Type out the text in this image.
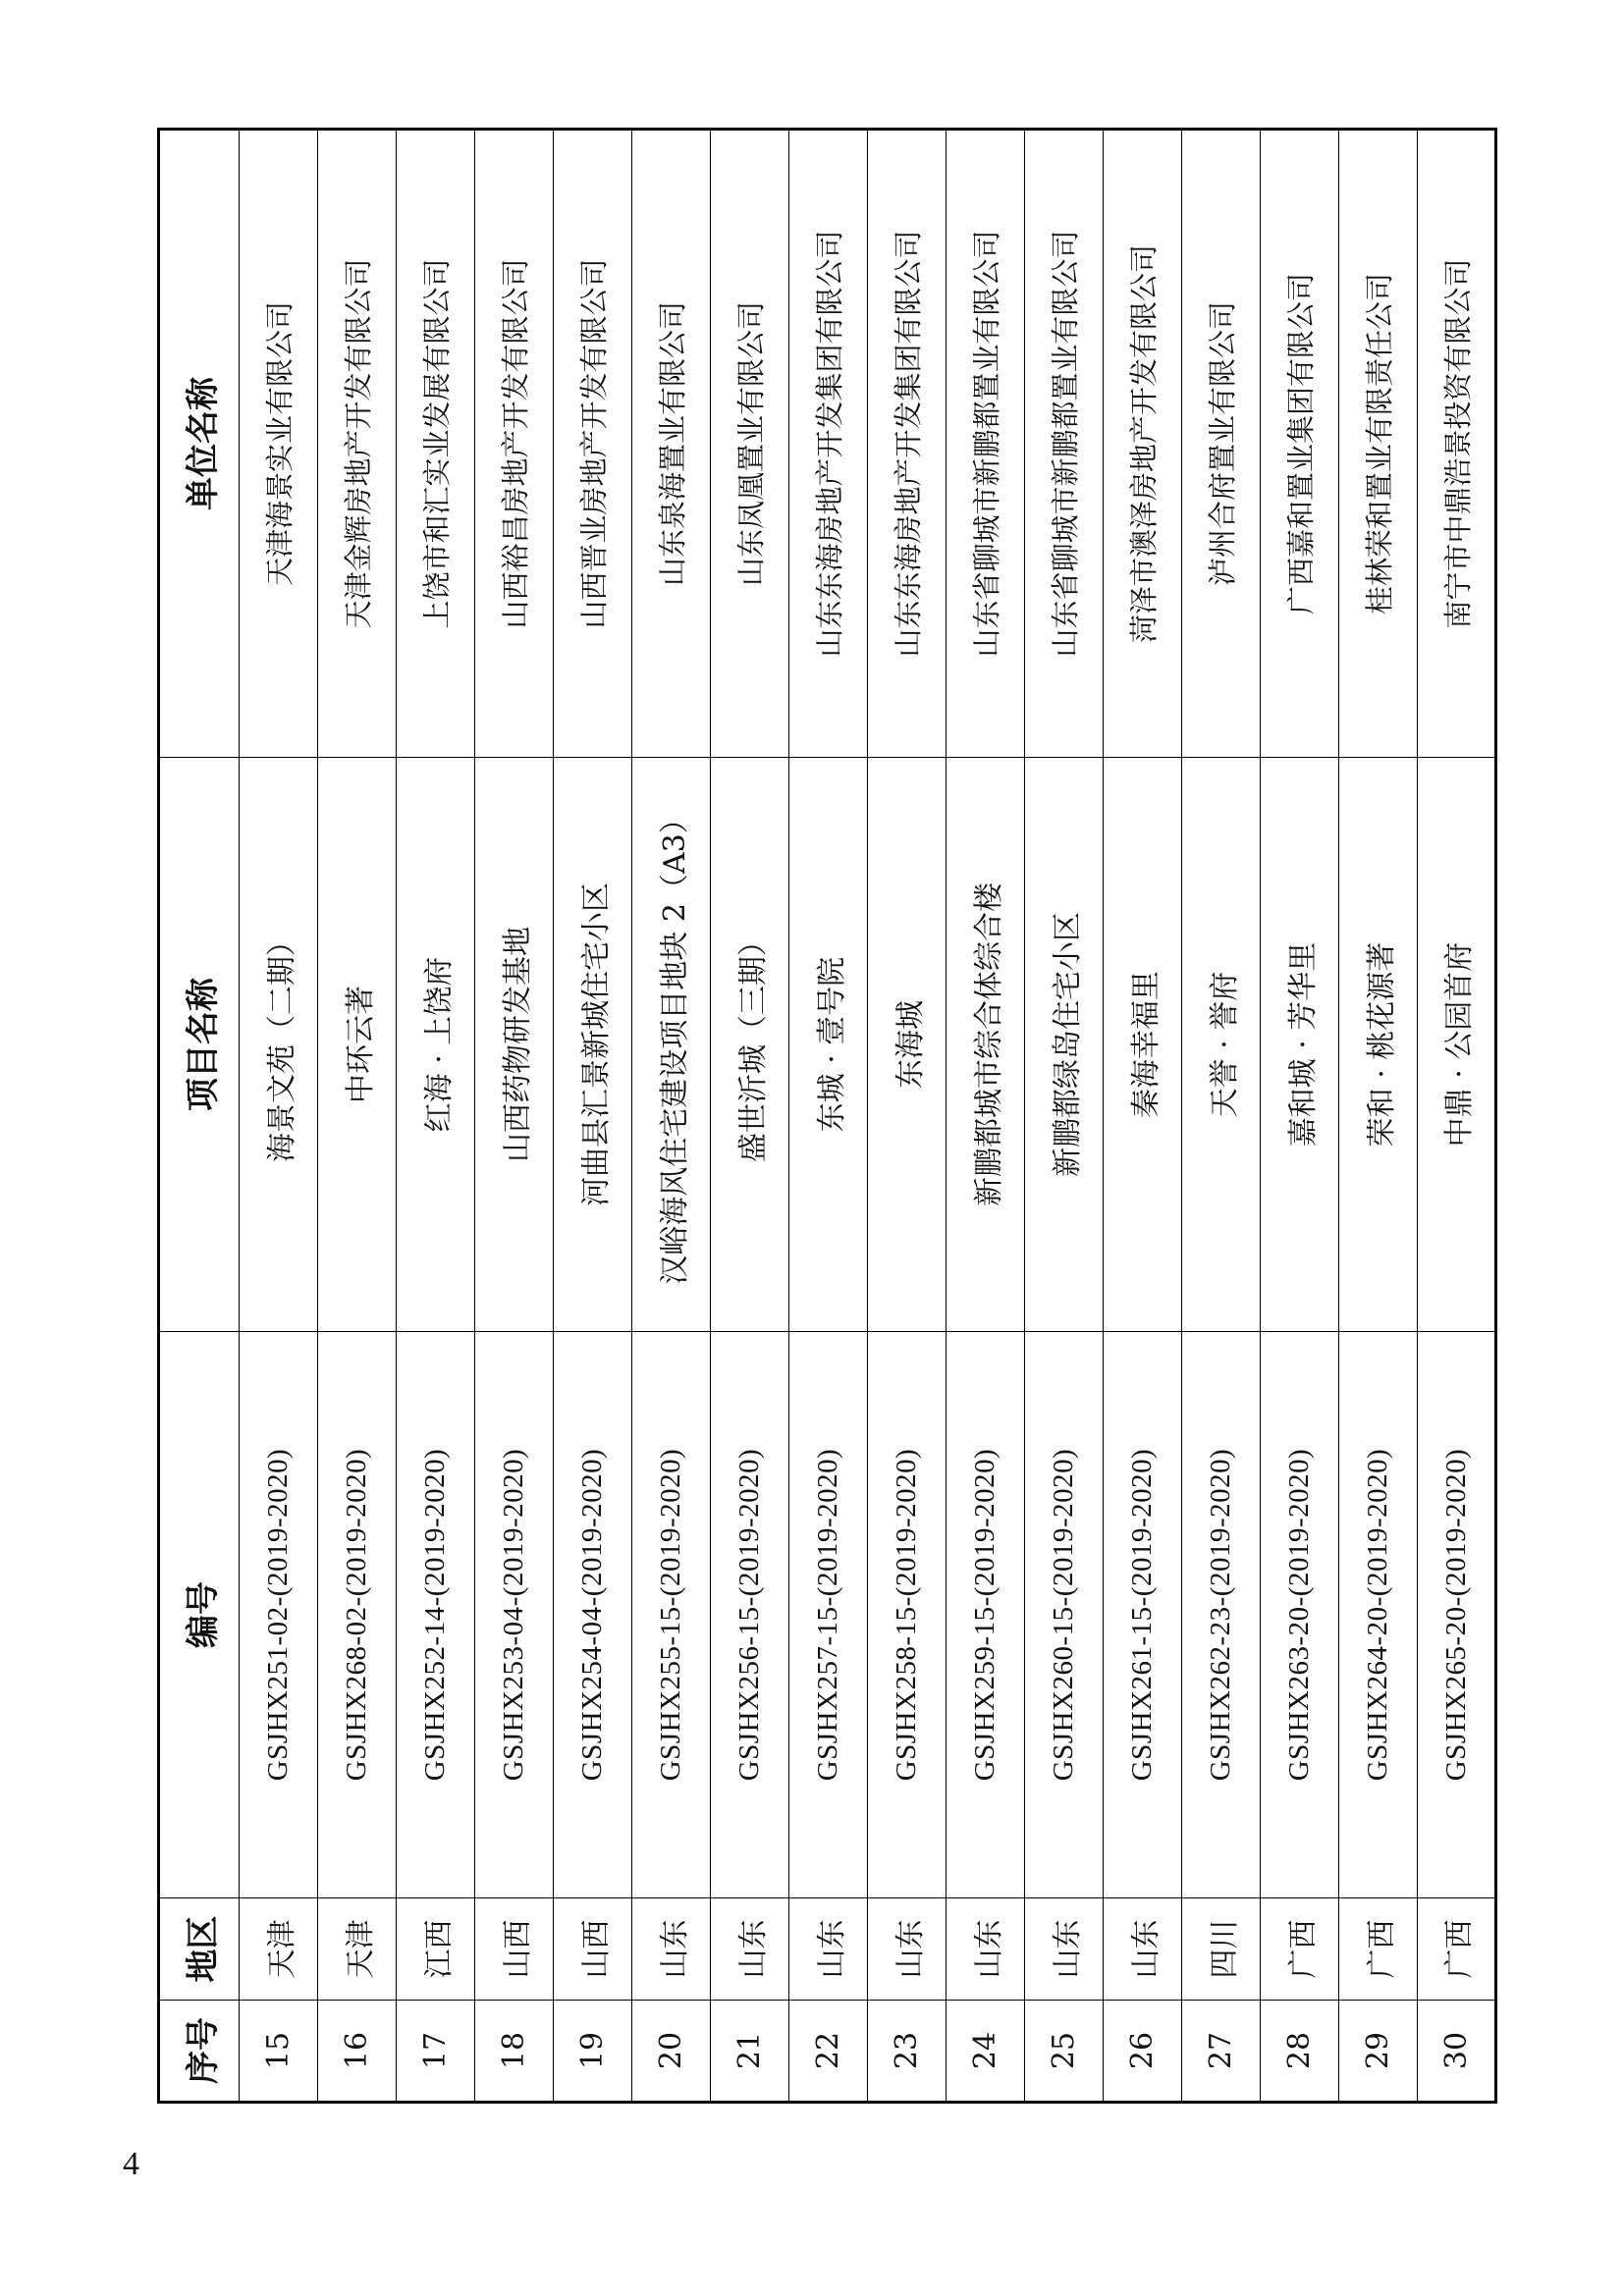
序号	地区	编号	项目名称	单位名称
15	天津	GSJHX251-02-(2019-2020)	海景文苑（二期）	天津海景实业有限公司
16	天津	GSJHX268-02-(2019-2020)	中环云著	天津金辉房地产开发有限公司
17	江西	GSJHX252-14-(2019-2020)	红海 · 上饶府	上饶市和汇实业发展有限公司
18	山西	GSJHX253-04-(2019-2020)	山西药物研发基地	山西裕昌房地产开发有限公司
19	山西	GSJHX254-04-(2019-2020)	河曲县汇景新城住宅小区	山西晋业房地产开发有限公司
20	山东	GSJHX255-15-(2019-2020)	汉峪海风住宅建设项目地块 2（A3）	山东泉海置业有限公司
21	山东	GSJHX256-15-(2019-2020)	盛世沂城（三期）	山东凤凰置业有限公司
22	山东	GSJHX257-15-(2019-2020)	东城 · 壹号院	山东东海房地产开发集团有限公司
23	山东	GSJHX258-15-(2019-2020)	东海城	山东东海房地产开发集团有限公司
24	山东	GSJHX259-15-(2019-2020)	新鹏都城市综合体综合楼	山东省聊城市新鹏都置业有限公司
25	山东	GSJHX260-15-(2019-2020)	新鹏都绿岛住宅小区	山东省聊城市新鹏都置业有限公司
26	山东	GSJHX261-15-(2019-2020)	秦海幸福里	菏泽市澳泽房地产开发有限公司
27	四川	GSJHX262-23-(2019-2020)	天誉 · 誉府	泸州合府置业有限公司
28	广西	GSJHX263-20-(2019-2020)	嘉和城 · 芳华里	广西嘉和置业集团有限公司
29	广西	GSJHX264-20-(2019-2020)	荣和 · 桃花源著	桂林荣和置业有限责任公司
30	广西	GSJHX265-20-(2019-2020)	中鼎 · 公园首府	南宁市中鼎浩景投资有限公司
4
